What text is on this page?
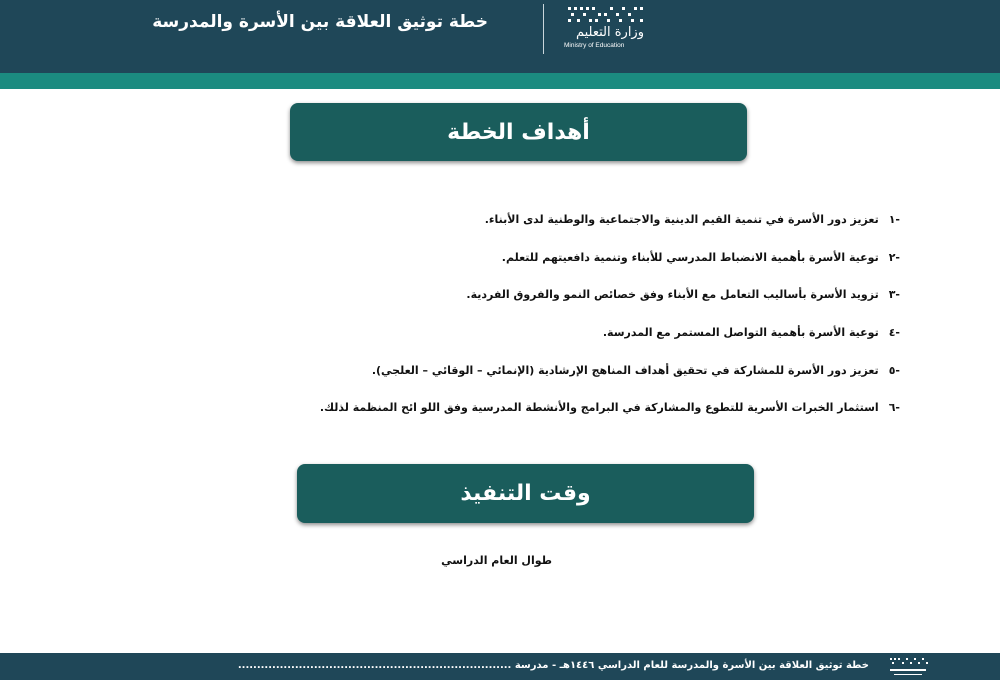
خطة توثيق العلاقة بين الأسرة والمدرسة
وزارة التعليم
Ministry of Education
أهداف الخطة
-١
تعزيز دور الأسرة في تنمية القيم الدينية والاجتماعية والوطنية لدى الأبناء.
-٢
توعية الأسرة بأهمية الانضباط المدرسي للأبناء وتنمية دافعيتهم للتعلم.
-٣
تزويد الأسرة بأساليب التعامل مع الأبناء وفق خصائص النمو والفروق الفردية.
-٤
توعية الأسرة بأهمية التواصل المستمر مع المدرسة.
-٥
تعزيز دور الأسرة للمشاركة في تحقيق أهداف المناهج الإرشادية (الإنمائي – الوقائي – العلجي).
-٦
استثمار الخبرات الأسرية للتطوع والمشاركة في البرامج والأنشطة المدرسية وفق اللو ائح المنظمة لذلك.
وقت التنفيذ
طوال العام الدراسي
خطة توثيق العلاقة بين الأسرة والمدرسة للعام الدراسي ١٤٤٦هـ - مدرسة ........................................................................
